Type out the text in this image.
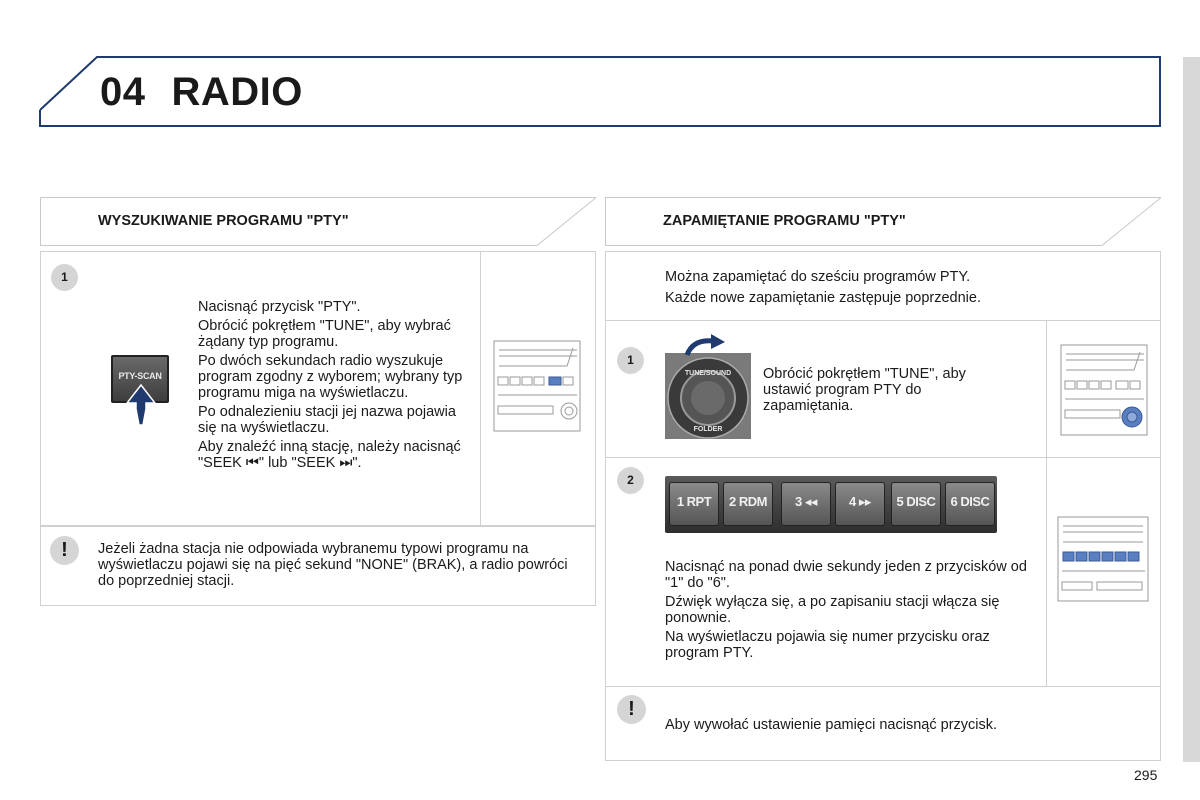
04 RADIO
WYSZUKIWANIE PROGRAMU "PTY"
1
PTY-SCAN

Nacisnąć przycisk "PTY".

Obrócić pokrętłem "TUNE", aby wybrać żądany typ programu.

Po dwóch sekundach radio wyszukuje program zgodny z wyborem; wybrany typ programu miga na wyświetlaczu.

Po odnalezieniu stacji jej nazwa pojawia się na wyświetlaczu.

Aby znaleźć inną stację, należy nacisnąć "SEEK ⏮" lub "SEEK ⏭".

!	Jeżeli żadna stacja nie odpowiada wybranemu typowi programu na wyświetlaczu pojawi się na pięć sekund "NONE" (BRAK), a radio powróci do poprzedniej stacji.
ZAPAMIĘTANIE PROGRAMU "PTY"

Można zapamiętać do sześciu programów PTY.

Każde nowe zapamiętanie zastępuje poprzednie.

1
TUNE/SOUND
FOLDER
Obrócić pokrętłem "TUNE", aby ustawić program PTY do zapamiętania.
2
1 RPT	2 RDM	3 ◂◂	4 ▸▸	5 DISC	6 DISC

Nacisnąć na ponad dwie sekundy jeden z przycisków od "1" do "6".

Dźwięk wyłącza się, a po zapisaniu stacji włącza się ponownie.

Na wyświetlaczu pojawia się numer przycisku oraz program PTY.

!
Aby wywołać ustawienie pamięci nacisnąć przycisk.
295
